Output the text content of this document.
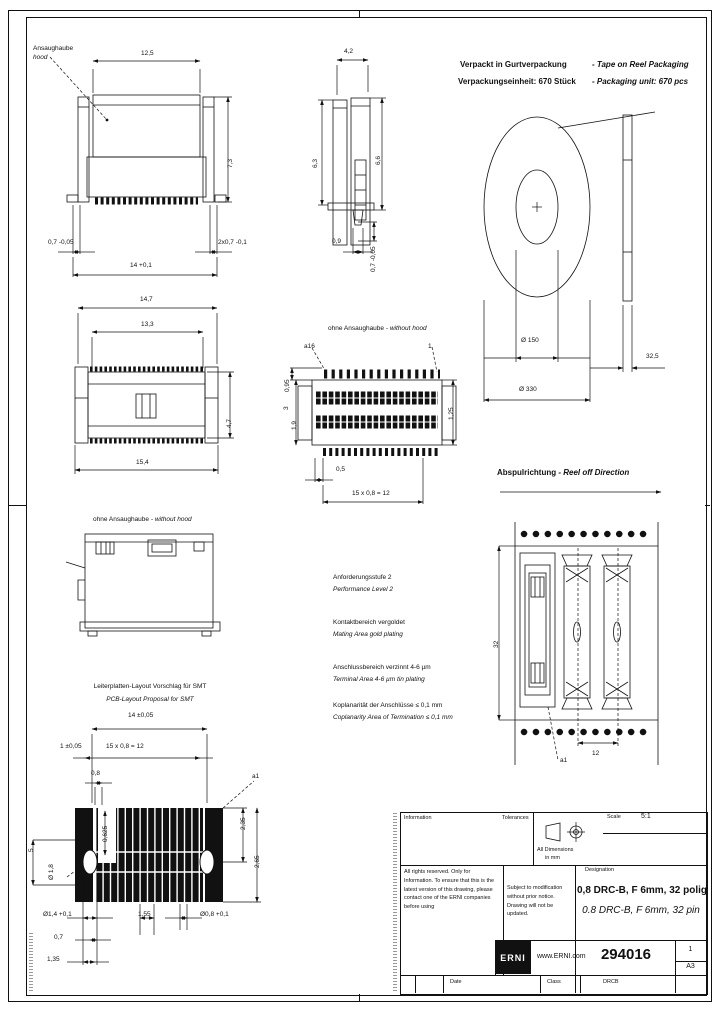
Verpackt in Gurtverpackung	- Tape on Reel Packaging
Verpackungseinheit: 670 Stück - Packaging unit: 670 pcs
Ansaughaube
hood
12,5
7,3
0,7 -0,05	2x0,7 -0,1
14 +0,1
4,2
6,3	6,6
0,9
0,7 -0,05
Ø 150
Ø 330
32,5
14,7
13,3
15,4
4,7
ohne Ansaughaube - without hood
a16	1
0,95
3
1,9
1,25
0,5
15 x 0,8 = 12
ohne Ansaughaube - without hood
Anforderungsstufe 2
Performance Level 2
Kontaktbereich vergoldet
Mating Area gold plating
Anschlussbereich verzinnt 4-6 µm
Terminal Area 4-6 µm tin plating
Koplanarität der Anschlüsse ≤ 0,1 mm
Coplanarity Area of Termination ≤ 0,1 mm
Abspulrichtung - Reel off Direction
32
12
a1
Leiterplatten-Layout Vorschlag für SMT
PCB-Layout Proposal for SMT
14 ±0,05
1 ±0,05	15 x 0,8 = 12
0,8	a1
5
Ø 1,8
0,625
2,35
2,65
Ø1,4 +0,1	1,55	Ø0,8 +0,1
0,7
1,35
Information	Tolerances	Scale	5:1
All Dimensions
in mm
All rights reserved. Only for Information. To ensure that this is the latest version of this drawing, please contact one of the ERNI companies before using
Subject to modification without prior notice. Drawing will not be updated.
Designation
0,8 DRC-B, F 6mm, 32 polig
0.8 DRC-B, F 6mm, 32 pin
ERNI www.ERNI.com	294016	1
A3
Date	Class	DRCB
